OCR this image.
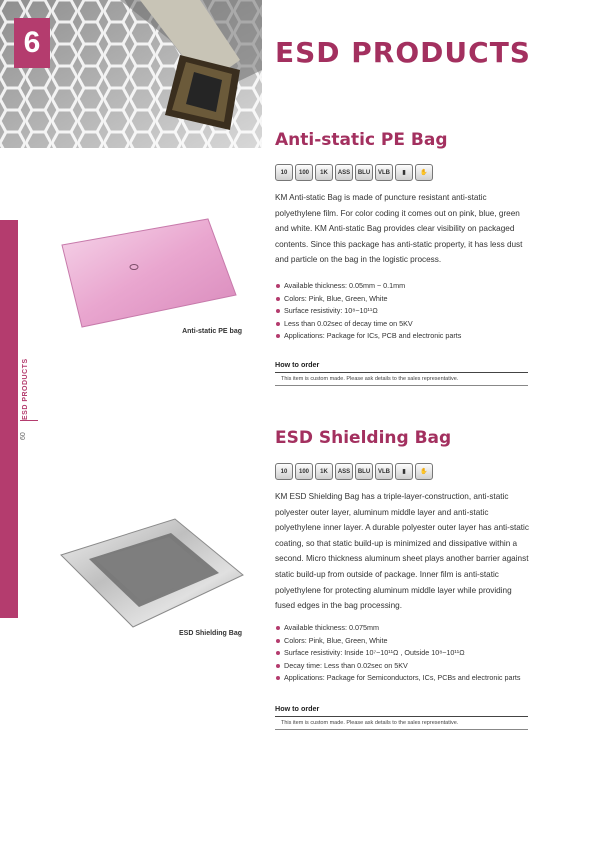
6	ESD PRODUCTS
ESD PRODUCTS
60
Anti-static PE Bag
10	100	1K	ASS	BLU	VLB	▮	✋

KM Anti-static Bag is made of puncture resistant anti-static polyethylene film. For color coding it comes out on pink, blue, green and white. KM Anti-static Bag provides clear visibility on packaged contents. Since this package has anti-static property, it has less dust and particle on the bag in the logistic process.

Anti-static PE bag
Available thickness: 0.05mm ~ 0.1mm
Colors: Pink, Blue, Green, White
Surface resistivity: 10⁸~10¹¹Ω
Less than 0.02sec of decay time on 5KV
Applications: Package for ICs, PCB and electronic parts
How to order
This item is custom made. Please ask details to the sales representative.
ESD Shielding Bag
10	100	1K	ASS	BLU	VLB	▮	✋

KM ESD Shielding Bag has a triple-layer-construction, anti-static polyester outer layer, aluminum middle layer and anti-static polyethylene inner layer. A durable polyester outer layer has anti-static coating, so that static build-up is minimized and dissipative within a second. Micro thickness aluminum sheet plays another barrier against static build-up from outside of package. Inner film is anti-static polyethylene for protecting aluminum middle layer while providing fused edges in the bag processing.

ESD Shielding Bag
Available thickness: 0.075mm
Colors: Pink, Blue, Green, White
Surface resistivity: Inside 10⁷~10¹¹Ω , Outside 10⁸~10¹¹Ω
Decay time: Less than 0.02sec on 5KV
Applications: Package for Semiconductors, ICs, PCBs and electronic parts
How to order
This item is custom made. Please ask details to the sales representative.
